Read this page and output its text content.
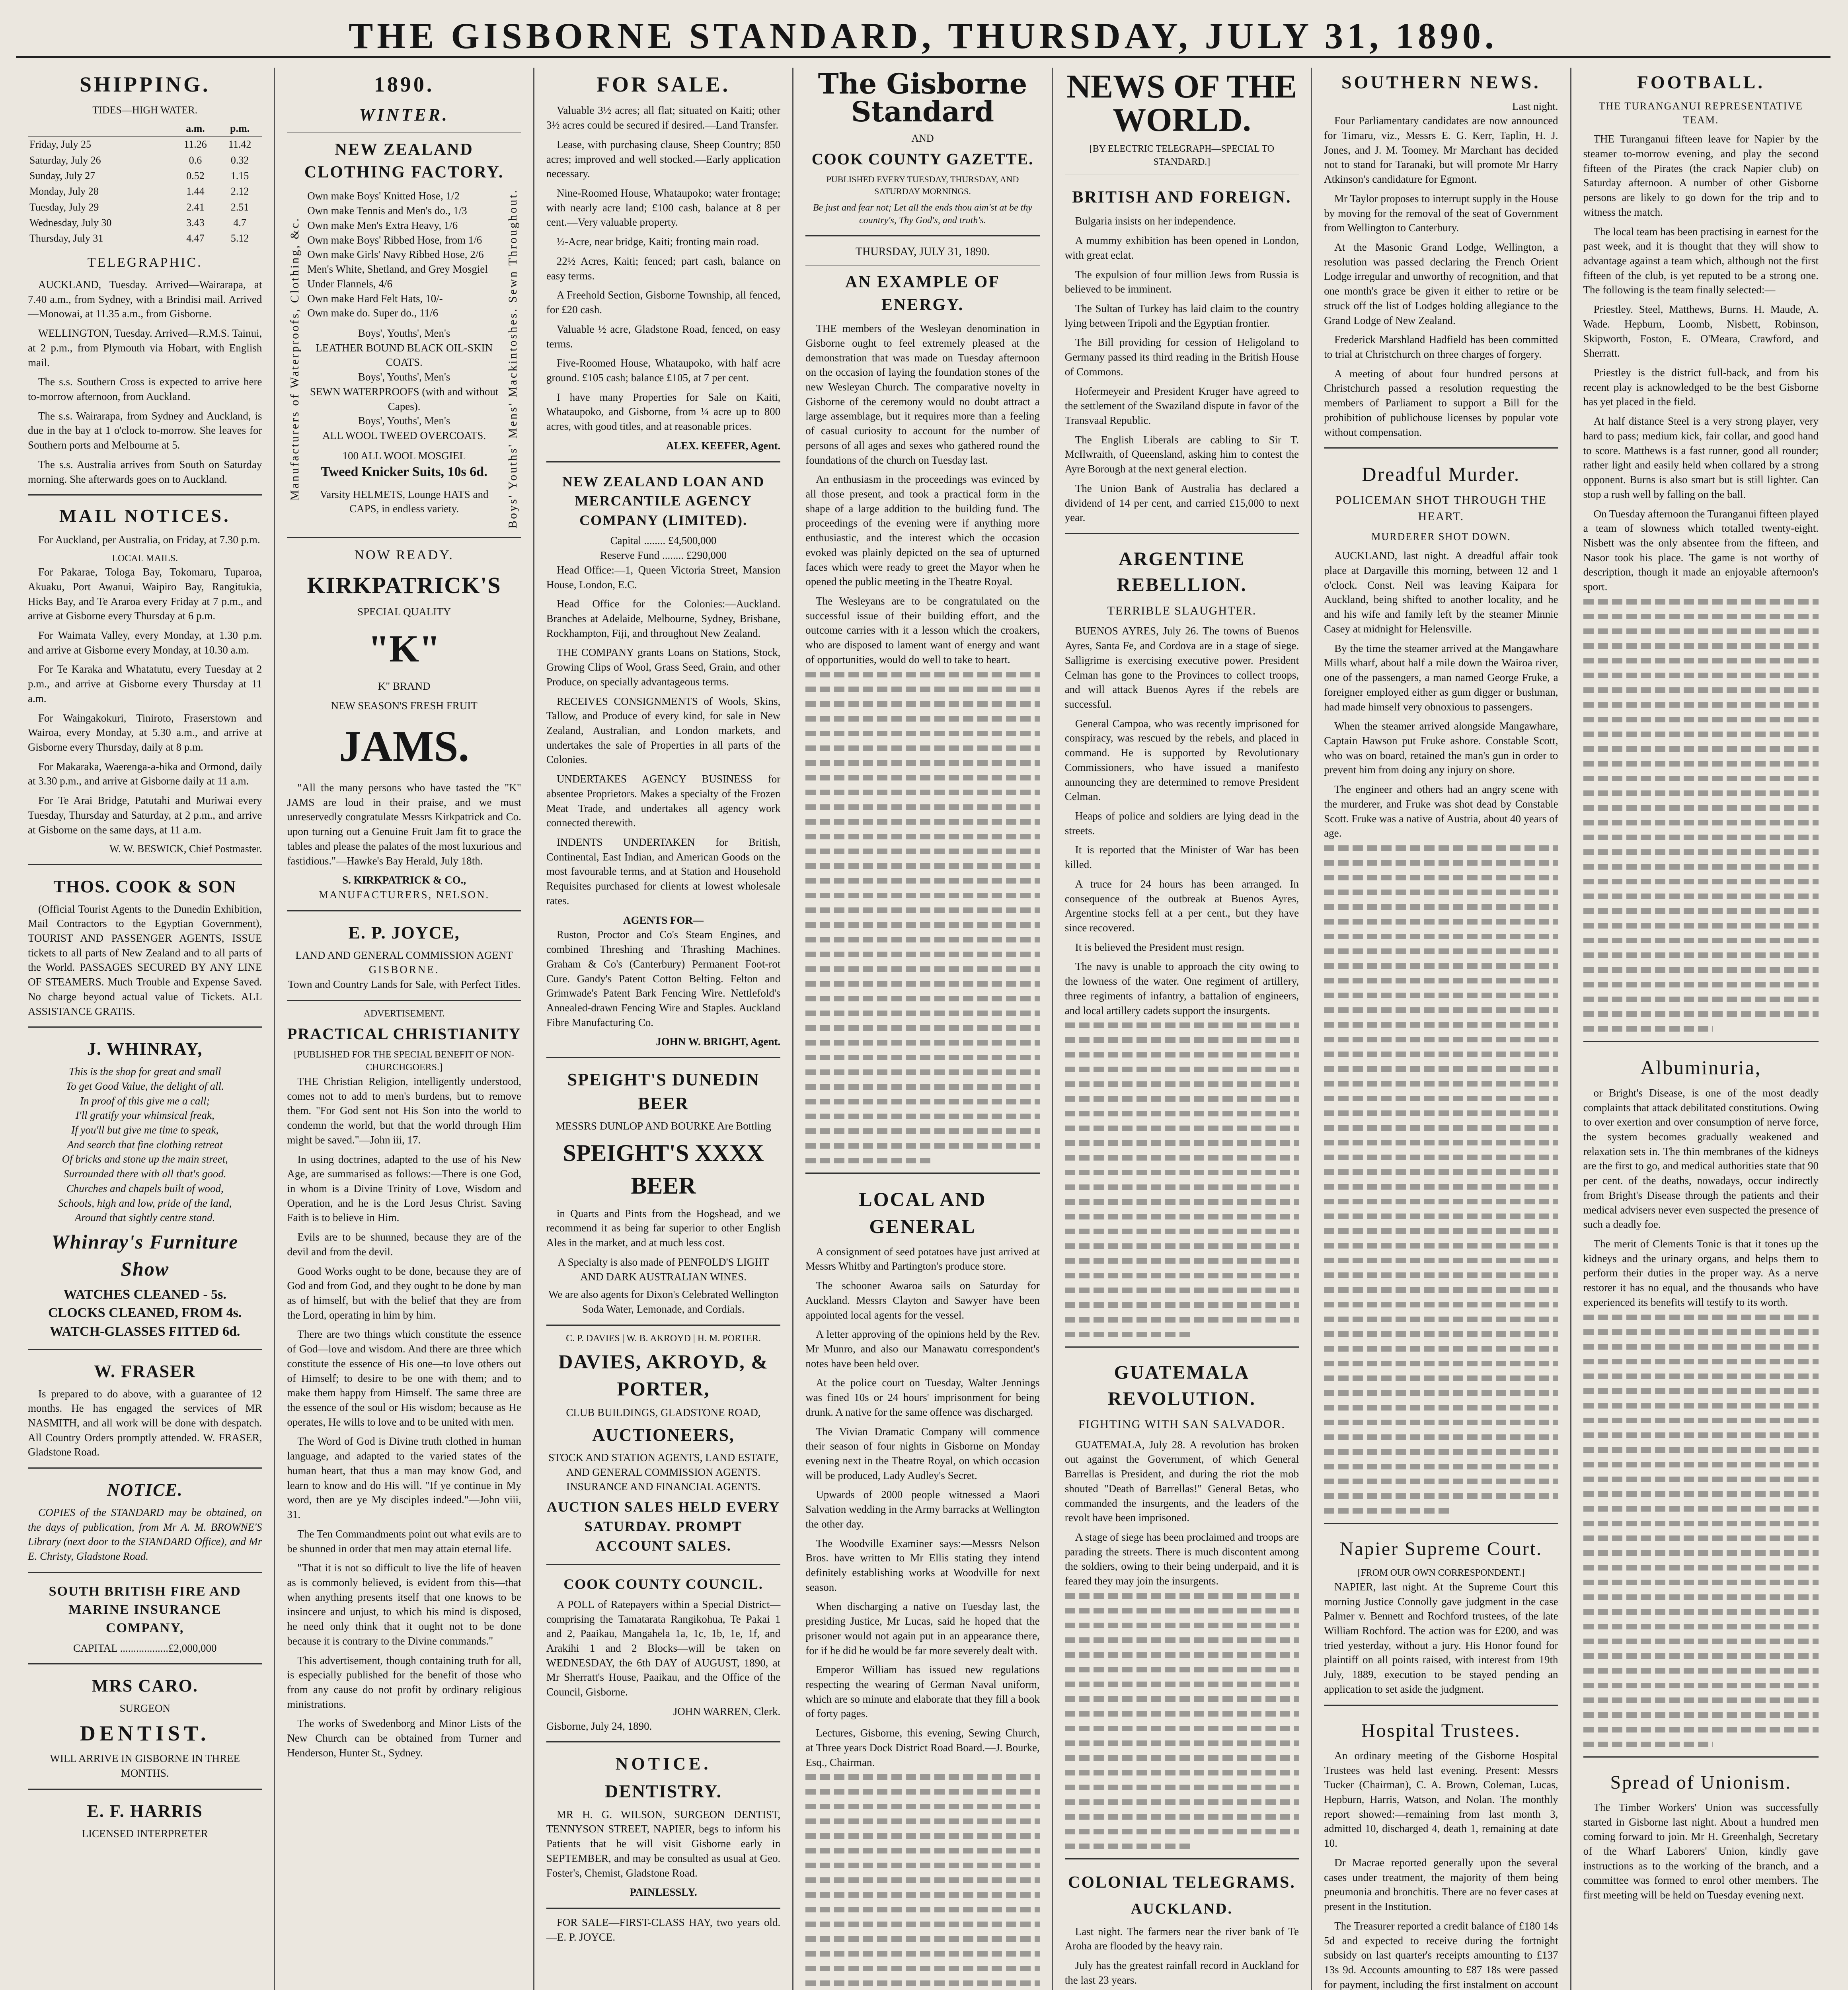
THE GISBORNE STANDARD,
THURSDAY,
JULY 31, 1890.
SHIPPING.
TIDES—HIGH WATER.
	a.m.	p.m.
Friday, July 25	11.26	11.42
Saturday, July 26	0.6	0.32
Sunday, July 27	0.52	1.15
Monday, July 28	1.44	2.12
Tuesday, July 29	2.41	2.51
Wednesday, July 30	3.43	4.7
Thursday, July 31	4.47	5.12
TELEGRAPHIC.

AUCKLAND, Tuesday. Arrived—Wairarapa, at 7.40 a.m., from Sydney, with a Brindisi mail. Arrived—Monowai, at 11.35 a.m., from Gisborne.

WELLINGTON, Tuesday. Arrived—R.M.S. Tainui, at 2 p.m., from Plymouth via Hobart, with English mail.

The s.s. Southern Cross is expected to arrive here to-morrow afternoon, from Auckland.

The s.s. Wairarapa, from Sydney and Auckland, is due in the bay at 1 o'clock to-morrow. She leaves for Southern ports and Melbourne at 5.

The s.s. Australia arrives from South on Saturday morning. She afterwards goes on to Auckland.

MAIL NOTICES.

For Auckland, per Australia, on Friday, at 7.30 p.m.

LOCAL MAILS.

For Pakarae, Tologa Bay, Tokomaru, Tuparoa, Akuaku, Port Awanui, Waipiro Bay, Rangitukia, Hicks Bay, and Te Araroa every Friday at 7 p.m., and arrive at Gisborne every Thursday at 6 p.m.

For Waimata Valley, every Monday, at 1.30 p.m. and arrive at Gisborne every Monday, at 10.30 a.m.

For Te Karaka and Whatatutu, every Tuesday at 2 p.m., and arrive at Gisborne every Thursday at 11 a.m.

For Waingakokuri, Tiniroto, Fraserstown and Wairoa, every Monday, at 5.30 a.m., and arrive at Gisborne every Thursday, daily at 8 p.m.

For Makaraka, Waerenga-a-hika and Ormond, daily at 3.30 p.m., and arrive at Gisborne daily at 11 a.m.

For Te Arai Bridge, Patutahi and Muriwai every Tuesday, Thursday and Saturday, at 2 p.m., and arrive at Gisborne on the same days, at 11 a.m.

W. W. BESWICK, Chief Postmaster.
THOS. COOK & SON

(Official Tourist Agents to the Dunedin Exhibition, Mail Contractors to the Egyptian Government), TOURIST AND PASSENGER AGENTS, ISSUE tickets to all parts of New Zealand and to all parts of the World. PASSAGES SECURED BY ANY LINE OF STEAMERS. Much Trouble and Expense Saved. No charge beyond actual value of Tickets. ALL ASSISTANCE GRATIS.

J. WHINRAY,
This is the shop for great and small
To get Good Value, the delight of all.
In proof of this give me a call;
I'll gratify your whimsical freak,
If you'll but give me time to speak,
And search that fine clothing retreat
Of bricks and stone up the main street,
Surrounded there with all that's good.
Churches and chapels built of wood,
Schools, high and low, pride of the land,
Around that sightly centre stand.
Whinray's Furniture Show
WATCHES CLEANED - 5s.
CLOCKS CLEANED, FROM 4s.
WATCH-GLASSES FITTED 6d.
W. FRASER

Is prepared to do above, with a guarantee of 12 months. He has engaged the services of MR NASMITH, and all work will be done with despatch. All Country Orders promptly attended. W. FRASER, Gladstone Road.

NOTICE.

COPIES of the STANDARD may be obtained, on the days of publication, from Mr A. M. BROWNE'S Library (next door to the STANDARD Office), and Mr E. Christy, Gladstone Road.

SOUTH BRITISH FIRE AND MARINE INSURANCE COMPANY,
CAPITAL ..................£2,000,000
MRS CARO.
SURGEON
DENTIST.
WILL ARRIVE IN GISBORNE IN THREE MONTHS.
E. F. HARRIS
LICENSED INTERPRETER
1890.
WINTER.
NEW ZEALAND CLOTHING FACTORY.
Manufacturers of Waterproofs, Clothing, &c.
Own make Boys' Knitted Hose, 1/2
Own make Tennis and Men's do., 1/3
Own make Men's Extra Heavy, 1/6
Own make Boys' Ribbed Hose, from 1/6
Own make Girls' Navy Ribbed Hose, 2/6
Men's White, Shetland, and Grey Mosgiel Under Flannels, 4/6
Own make Hard Felt Hats, 10/-
Own make do. Super do., 11/6
Boys', Youths', Men's
LEATHER BOUND BLACK OIL-SKIN COATS.
Boys', Youths', Men's
SEWN WATERPROOFS (with and without Capes).
Boys', Youths', Men's
ALL WOOL TWEED OVERCOATS.
100 ALL WOOL MOSGIEL
Tweed Knicker Suits, 10s 6d.
Varsity HELMETS, Lounge HATS and CAPS, in endless variety.	Boys' Youths' Mens' Mackintoshes. Sewn Throughout.
NOW READY.
KIRKPATRICK'S
SPECIAL QUALITY
"K"
K" BRAND
NEW SEASON'S FRESH FRUIT
JAMS.

"All the many persons who have tasted the "K" JAMS are loud in their praise, and we must unreservedly congratulate Messrs Kirkpatrick and Co. upon turning out a Genuine Fruit Jam fit to grace the tables and please the palates of the most luxurious and fastidious."—Hawke's Bay Herald, July 18th.

S. KIRKPATRICK & CO.,
MANUFACTURERS, NELSON.
E. P. JOYCE,
LAND AND GENERAL COMMISSION AGENT
GISBORNE.
Town and Country Lands for Sale, with Perfect Titles.
ADVERTISEMENT.
PRACTICAL CHRISTIANITY
[PUBLISHED FOR THE SPECIAL BENEFIT OF NON-CHURCHGOERS.]

THE Christian Religion, intelligently understood, comes not to add to men's burdens, but to remove them. "For God sent not His Son into the world to condemn the world, but that the world through Him might be saved."—John iii, 17.

In using doctrines, adapted to the use of his New Age, are summarised as follows:—There is one God, in whom is a Divine Trinity of Love, Wisdom and Operation, and he is the Lord Jesus Christ. Saving Faith is to believe in Him.

Evils are to be shunned, because they are of the devil and from the devil.

Good Works ought to be done, because they are of God and from God, and they ought to be done by man as of himself, but with the belief that they are from the Lord, operating in him by him.

There are two things which constitute the essence of God—love and wisdom. And there are three which constitute the essence of His one—to love others out of Himself; to desire to be one with them; and to make them happy from Himself. The same three are the essence of the soul or His wisdom; because as He operates, He wills to love and to be united with men.

The Word of God is Divine truth clothed in human language, and adapted to the varied states of the human heart, that thus a man may know God, and learn to know and do His will. "If ye continue in My word, then are ye My disciples indeed."—John viii, 31.

The Ten Commandments point out what evils are to be shunned in order that men may attain eternal life.

"That it is not so difficult to live the life of heaven as is commonly believed, is evident from this—that when anything presents itself that one knows to be insincere and unjust, to which his mind is disposed, he need only think that it ought not to be done because it is contrary to the Divine commands."

This advertisement, though containing truth for all, is especially published for the benefit of those who from any cause do not profit by ordinary religious ministrations.

The works of Swedenborg and Minor Lists of the New Church can be obtained from Turner and Henderson, Hunter St., Sydney.

FOR SALE.

Valuable 3½ acres; all flat; situated on Kaiti; other 3½ acres could be secured if desired.—Land Transfer.

Lease, with purchasing clause, Sheep Country; 850 acres; improved and well stocked.—Early application necessary.

Nine-Roomed House, Whataupoko; water frontage; with nearly acre land; £100 cash, balance at 8 per cent.—Very valuable property.

½-Acre, near bridge, Kaiti; fronting main road.

22½ Acres, Kaiti; fenced; part cash, balance on easy terms.

A Freehold Section, Gisborne Township, all fenced, for £20 cash.

Valuable ½ acre, Gladstone Road, fenced, on easy terms.

Five-Roomed House, Whataupoko, with half acre ground. £105 cash; balance £105, at 7 per cent.

I have many Properties for Sale on Kaiti, Whataupoko, and Gisborne, from ¼ acre up to 800 acres, with good titles, and at reasonable prices.

ALEX. KEEFER, Agent.
NEW ZEALAND LOAN AND MERCANTILE AGENCY COMPANY (LIMITED).
Capital ........ £4,500,000
Reserve Fund ........ £290,000

Head Office:—1, Queen Victoria Street, Mansion House, London, E.C.

Head Office for the Colonies:—Auckland. Branches at Adelaide, Melbourne, Sydney, Brisbane, Rockhampton, Fiji, and throughout New Zealand.

THE COMPANY grants Loans on Stations, Stock, Growing Clips of Wool, Grass Seed, Grain, and other Produce, on specially advantageous terms.

RECEIVES CONSIGNMENTS of Wools, Skins, Tallow, and Produce of every kind, for sale in New Zealand, Australian, and London markets, and undertakes the sale of Properties in all parts of the Colonies.

UNDERTAKES AGENCY BUSINESS for absentee Proprietors. Makes a specialty of the Frozen Meat Trade, and undertakes all agency work connected therewith.

INDENTS UNDERTAKEN for British, Continental, East Indian, and American Goods on the most favourable terms, and at Station and Household Requisites purchased for clients at lowest wholesale rates.

AGENTS FOR—

Ruston, Proctor and Co's Steam Engines, and combined Threshing and Thrashing Machines. Graham & Co's (Canterbury) Permanent Foot-rot Cure. Gandy's Patent Cotton Belting. Felton and Grimwade's Patent Bark Fencing Wire. Nettlefold's Annealed-drawn Fencing Wire and Staples. Auckland Fibre Manufacturing Co.

JOHN W. BRIGHT, Agent.
SPEIGHT'S DUNEDIN BEER
MESSRS DUNLOP AND BOURKE Are Bottling
SPEIGHT'S XXXX BEER

in Quarts and Pints from the Hogshead, and we recommend it as being far superior to other English Ales in the market, and at much less cost.

A Specialty is also made of PENFOLD'S LIGHT AND DARK AUSTRALIAN WINES.
We are also agents for Dixon's Celebrated Wellington Soda Water, Lemonade, and Cordials.
C. P. DAVIES | W. B. AKROYD | H. M. PORTER.
DAVIES, AKROYD, & PORTER,
CLUB BUILDINGS, GLADSTONE ROAD,
AUCTIONEERS,
STOCK AND STATION AGENTS, LAND ESTATE, AND GENERAL COMMISSION AGENTS. INSURANCE AND FINANCIAL AGENTS.
AUCTION SALES HELD EVERY SATURDAY. PROMPT ACCOUNT SALES.
COOK COUNTY COUNCIL.

A POLL of Ratepayers within a Special District—comprising the Tamatarata Rangikohua, Te Pakai 1 and 2, Paaikau, Mangahela 1a, 1c, 1b, 1e, 1f, and Arakihi 1 and 2 Blocks—will be taken on WEDNESDAY, the 6th DAY of AUGUST, 1890, at Mr Sherratt's House, Paaikau, and the Office of the Council, Gisborne.

JOHN WARREN, Clerk.
Gisborne, July 24, 1890.
NOTICE.
DENTISTRY.

MR H. G. WILSON, SURGEON DENTIST, TENNYSON STREET, NAPIER, begs to inform his Patients that he will visit Gisborne early in SEPTEMBER, and may be consulted as usual at Geo. Foster's, Chemist, Gladstone Road.

PAINLESSLY.

FOR SALE—FIRST-CLASS HAY, two years old.—E. P. JOYCE.

The Gisborne Standard
AND
COOK COUNTY GAZETTE.
PUBLISHED EVERY TUESDAY, THURSDAY, AND SATURDAY MORNINGS.
Be just and fear not; Let all the ends thou aim'st at be thy country's, Thy God's, and truth's.
THURSDAY, JULY 31, 1890.
AN EXAMPLE OF ENERGY.

THE members of the Wesleyan denomination in Gisborne ought to feel extremely pleased at the demonstration that was made on Tuesday afternoon on the occasion of laying the foundation stones of the new Wesleyan Church. The comparative novelty in Gisborne of the ceremony would no doubt attract a large assemblage, but it requires more than a feeling of casual curiosity to account for the number of persons of all ages and sexes who gathered round the foundations of the church on Tuesday last.

An enthusiasm in the proceedings was evinced by all those present, and took a practical form in the shape of a large addition to the building fund. The proceedings of the evening were if anything more enthusiastic, and the interest which the occasion evoked was plainly depicted on the sea of upturned faces which were ready to greet the Mayor when he opened the public meeting in the Theatre Royal.

The Wesleyans are to be congratulated on the successful issue of their building effort, and the outcome carries with it a lesson which the croakers, who are disposed to lament want of energy and want of opportunities, would do well to take to heart.

LOCAL AND GENERAL

A consignment of seed potatoes have just arrived at Messrs Whitby and Partington's produce store.

The schooner Awaroa sails on Saturday for Auckland. Messrs Clayton and Sawyer have been appointed local agents for the vessel.

A letter approving of the opinions held by the Rev. Mr Munro, and also our Manawatu correspondent's notes have been held over.

At the police court on Tuesday, Walter Jennings was fined 10s or 24 hours' imprisonment for being drunk. A native for the same offence was discharged.

The Vivian Dramatic Company will commence their season of four nights in Gisborne on Monday evening next in the Theatre Royal, on which occasion will be produced, Lady Audley's Secret.

Upwards of 2000 people witnessed a Maori Salvation wedding in the Army barracks at Wellington the other day.

The Woodville Examiner says:—Messrs Nelson Bros. have written to Mr Ellis stating they intend definitely establishing works at Woodville for next season.

When discharging a native on Tuesday last, the presiding Justice, Mr Lucas, said he hoped that the prisoner would not again put in an appearance there, for if he did he would be far more severely dealt with.

Emperor William has issued new regulations respecting the wearing of German Naval uniform, which are so minute and elaborate that they fill a book of forty pages.

Lectures, Gisborne, this evening, Sewing Church, at Three years Dock District Road Board.—J. Bourke, Esq., Chairman.

NEWS OF THE WORLD.
[BY ELECTRIC TELEGRAPH—SPECIAL TO STANDARD.]
BRITISH AND FOREIGN.

Bulgaria insists on her independence.

A mummy exhibition has been opened in London, with great eclat.

The expulsion of four million Jews from Russia is believed to be imminent.

The Sultan of Turkey has laid claim to the country lying between Tripoli and the Egyptian frontier.

The Bill providing for cession of Heligoland to Germany passed its third reading in the British House of Commons.

Hofermeyeir and President Kruger have agreed to the settlement of the Swaziland dispute in favor of the Transvaal Republic.

The English Liberals are cabling to Sir T. McIlwraith, of Queensland, asking him to contest the Ayre Borough at the next general election.

The Union Bank of Australia has declared a dividend of 14 per cent, and carried £15,000 to next year.

ARGENTINE REBELLION.
TERRIBLE SLAUGHTER.

BUENOS AYRES, July 26. The towns of Buenos Ayres, Santa Fe, and Cordova are in a stage of siege. Salligrime is exercising executive power. President Celman has gone to the Provinces to collect troops, and will attack Buenos Ayres if the rebels are successful.

General Campoa, who was recently imprisoned for conspiracy, was rescued by the rebels, and placed in command. He is supported by Revolutionary Commissioners, who have issued a manifesto announcing they are determined to remove President Celman.

Heaps of police and soldiers are lying dead in the streets.

It is reported that the Minister of War has been killed.

A truce for 24 hours has been arranged. In consequence of the outbreak at Buenos Ayres, Argentine stocks fell at a per cent., but they have since recovered.

It is believed the President must resign.

The navy is unable to approach the city owing to the lowness of the water. One regiment of artillery, three regiments of infantry, a battalion of engineers, and local artillery cadets support the insurgents.

GUATEMALA REVOLUTION.
FIGHTING WITH SAN SALVADOR.

GUATEMALA, July 28. A revolution has broken out against the Government, of which General Barrellas is President, and during the riot the mob shouted "Death of Barrellas!" General Betas, who commanded the insurgents, and the leaders of the revolt have been imprisoned.

A stage of siege has been proclaimed and troops are parading the streets. There is much discontent among the soldiers, owing to their being underpaid, and it is feared they may join the insurgents.

COLONIAL TELEGRAMS.
AUCKLAND.

Last night. The farmers near the river bank of Te Aroha are flooded by the heavy rain.

July has the greatest rainfall record in Auckland for the last 23 years.

SOUTHERN NEWS.
Last night.

Four Parliamentary candidates are now announced for Timaru, viz., Messrs E. G. Kerr, Taplin, H. J. Jones, and J. M. Toomey. Mr Marchant has decided not to stand for Taranaki, but will promote Mr Harry Atkinson's candidature for Egmont.

Mr Taylor proposes to interrupt supply in the House by moving for the removal of the seat of Government from Wellington to Canterbury.

At the Masonic Grand Lodge, Wellington, a resolution was passed declaring the French Orient Lodge irregular and unworthy of recognition, and that one month's grace be given it either to retire or be struck off the list of Lodges holding allegiance to the Grand Lodge of New Zealand.

Frederick Marshland Hadfield has been committed to trial at Christchurch on three charges of forgery.

A meeting of about four hundred persons at Christchurch passed a resolution requesting the members of Parliament to support a Bill for the prohibition of publichouse licenses by popular vote without compensation.

Dreadful Murder.
POLICEMAN SHOT THROUGH THE HEART.
MURDERER SHOT DOWN.

AUCKLAND, last night. A dreadful affair took place at Dargaville this morning, between 12 and 1 o'clock. Const. Neil was leaving Kaipara for Auckland, being shifted to another locality, and he and his wife and family left by the steamer Minnie Casey at midnight for Helensville.

By the time the steamer arrived at the Mangawhare Mills wharf, about half a mile down the Wairoa river, one of the passengers, a man named George Fruke, a foreigner employed either as gum digger or bushman, had made himself very obnoxious to passengers.

When the steamer arrived alongside Mangawhare, Captain Hawson put Fruke ashore. Constable Scott, who was on board, retained the man's gun in order to prevent him from doing any injury on shore.

The engineer and others had an angry scene with the murderer, and Fruke was shot dead by Constable Scott. Fruke was a native of Austria, about 40 years of age.

Napier Supreme Court.
[FROM OUR OWN CORRESPONDENT.]

NAPIER, last night. At the Supreme Court this morning Justice Connolly gave judgment in the case Palmer v. Bennett and Rochford trustees, of the late William Rochford. The action was for £200, and was tried yesterday, without a jury. His Honor found for plaintiff on all points raised, with interest from 19th July, 1889, execution to be stayed pending an application to set aside the judgment.

Hospital Trustees.

An ordinary meeting of the Gisborne Hospital Trustees was held last evening. Present: Messrs Tucker (Chairman), C. A. Brown, Coleman, Lucas, Hepburn, Harris, Watson, and Nolan. The monthly report showed:—remaining from last month 3, admitted 10, discharged 4, death 1, remaining at date 10.

Dr Macrae reported generally upon the several cases under treatment, the majority of them being pneumonia and bronchitis. There are no fever cases at present in the Institution.

The Treasurer reported a credit balance of £180 14s 5d and expected to receive during the fortnight subsidy on last quarter's receipts amounting to £137 13s 9d. Accounts amounting to £87 18s were passed for payment, including the first instalment on account

FOOTBALL.
THE TURANGANUI REPRESENTATIVE TEAM.

THE Turanganui fifteen leave for Napier by the steamer to-morrow evening, and play the second fifteen of the Pirates (the crack Napier club) on Saturday afternoon. A number of other Gisborne persons are likely to go down for the trip and to witness the match.

The local team has been practising in earnest for the past week, and it is thought that they will show to advantage against a team which, although not the first fifteen of the club, is yet reputed to be a strong one. The following is the team finally selected:—

Priestley. Steel, Matthews, Burns. H. Maude, A. Wade. Hepburn, Loomb, Nisbett, Robinson, Skipworth, Foston, E. O'Meara, Crawford, and Sherratt.

Priestley is the district full-back, and from his recent play is acknowledged to be the best Gisborne has yet placed in the field.

At half distance Steel is a very strong player, very hard to pass; medium kick, fair collar, and good hand to score. Matthews is a fast runner, good all rounder; rather light and easily held when collared by a strong opponent. Burns is also smart but is still lighter. Can stop a rush well by falling on the ball.

On Tuesday afternoon the Turanganui fifteen played a team of slowness which totalled twenty-eight. Nisbett was the only absentee from the fifteen, and Nasor took his place. The game is not worthy of description, though it made an enjoyable afternoon's sport.

Albuminuria,

or Bright's Disease, is one of the most deadly complaints that attack debilitated constitutions. Owing to over exertion and over consumption of nerve force, the system becomes gradually weakened and relaxation sets in. The thin membranes of the kidneys are the first to go, and medical authorities state that 90 per cent. of the deaths, nowadays, occur indirectly from Bright's Disease through the patients and their medical advisers never even suspected the presence of such a deadly foe.

The merit of Clements Tonic is that it tones up the kidneys and the urinary organs, and helps them to perform their duties in the proper way. As a nerve restorer it has no equal, and the thousands who have experienced its benefits will testify to its worth.

Spread of Unionism.

The Timber Workers' Union was successfully started in Gisborne last night. About a hundred men coming forward to join. Mr H. Greenhalgh, Secretary of the Wharf Laborers' Union, kindly gave instructions as to the working of the branch, and a committee was formed to enrol other members. The first meeting will be held on Tuesday evening next.
